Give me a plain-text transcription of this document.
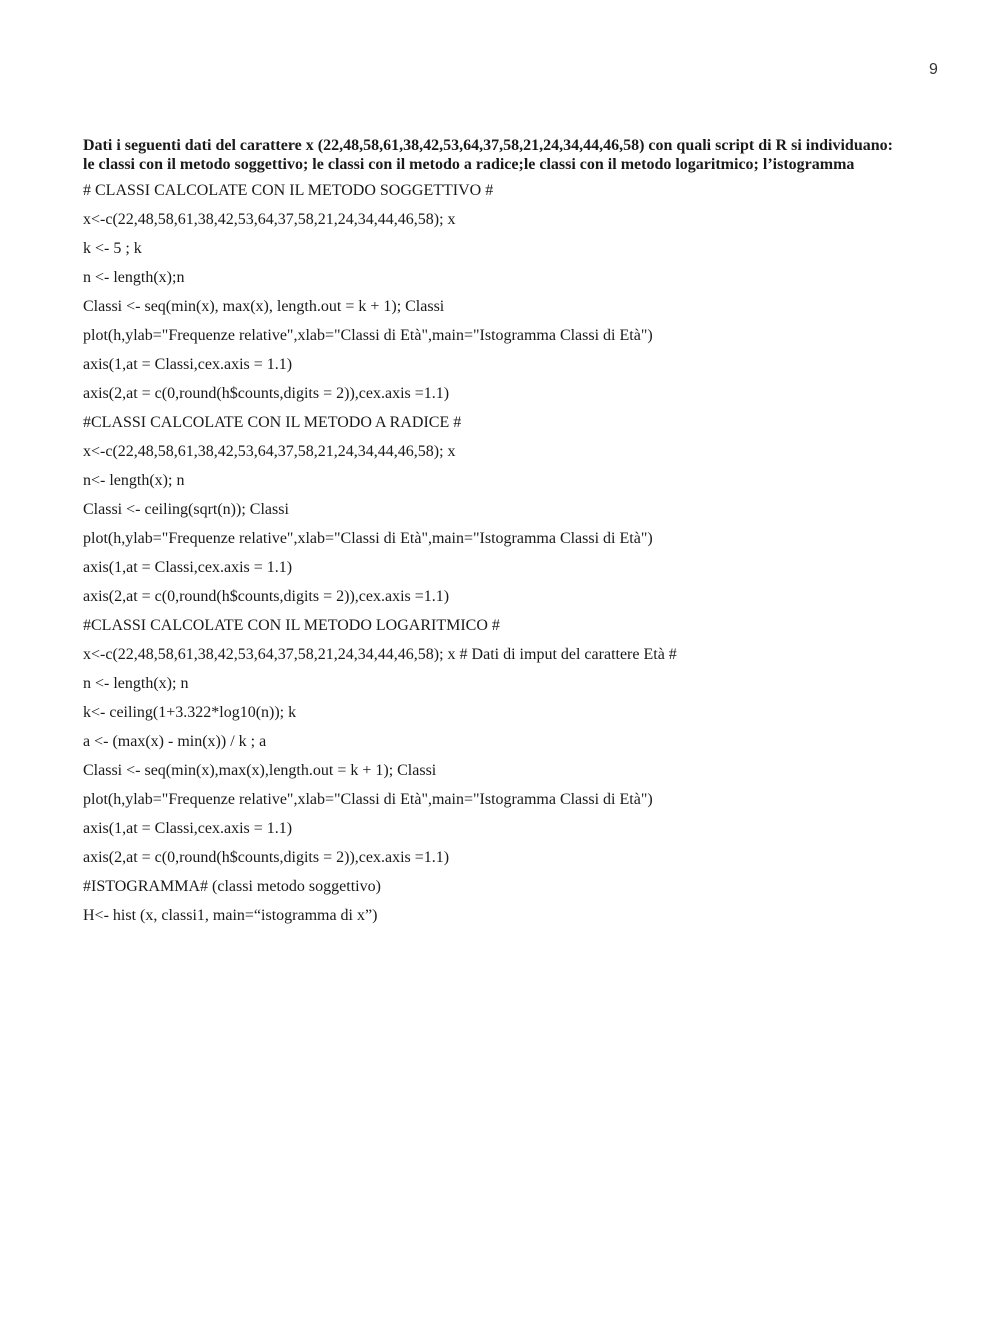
9
Dati i seguenti dati del carattere x (22,48,58,61,38,42,53,64,37,58,21,24,34,44,46,58) con quali script di R si individuano:
le classi con il metodo soggettivo; le classi con il metodo a radice;le classi con il metodo logaritmico; l’istogramma
# CLASSI CALCOLATE CON IL METODO SOGGETTIVO #
x<-c(22,48,58,61,38,42,53,64,37,58,21,24,34,44,46,58); x
k <- 5 ; k
n <- length(x);n
Classi <- seq(min(x), max(x), length.out = k + 1); Classi
plot(h,ylab="Frequenze relative",xlab="Classi di Età",main="Istogramma Classi di Età")
axis(1,at = Classi,cex.axis = 1.1)
axis(2,at = c(0,round(h$counts,digits = 2)),cex.axis =1.1)
#CLASSI CALCOLATE CON IL METODO A RADICE #
x<-c(22,48,58,61,38,42,53,64,37,58,21,24,34,44,46,58); x
n<- length(x); n
Classi <- ceiling(sqrt(n)); Classi
plot(h,ylab="Frequenze relative",xlab="Classi di Età",main="Istogramma Classi di Età")
axis(1,at = Classi,cex.axis = 1.1)
axis(2,at = c(0,round(h$counts,digits = 2)),cex.axis =1.1)
#CLASSI CALCOLATE CON IL METODO LOGARITMICO #
x<-c(22,48,58,61,38,42,53,64,37,58,21,24,34,44,46,58); x # Dati di imput del carattere Età #
n <- length(x); n
k<- ceiling(1+3.322*log10(n)); k
a <- (max(x) - min(x)) / k ; a
Classi <- seq(min(x),max(x),length.out = k + 1); Classi
plot(h,ylab="Frequenze relative",xlab="Classi di Età",main="Istogramma Classi di Età")
axis(1,at = Classi,cex.axis = 1.1)
axis(2,at = c(0,round(h$counts,digits = 2)),cex.axis =1.1)
#ISTOGRAMMA# (classi metodo soggettivo)
H<- hist (x, classi1, main=“istogramma di x”)
